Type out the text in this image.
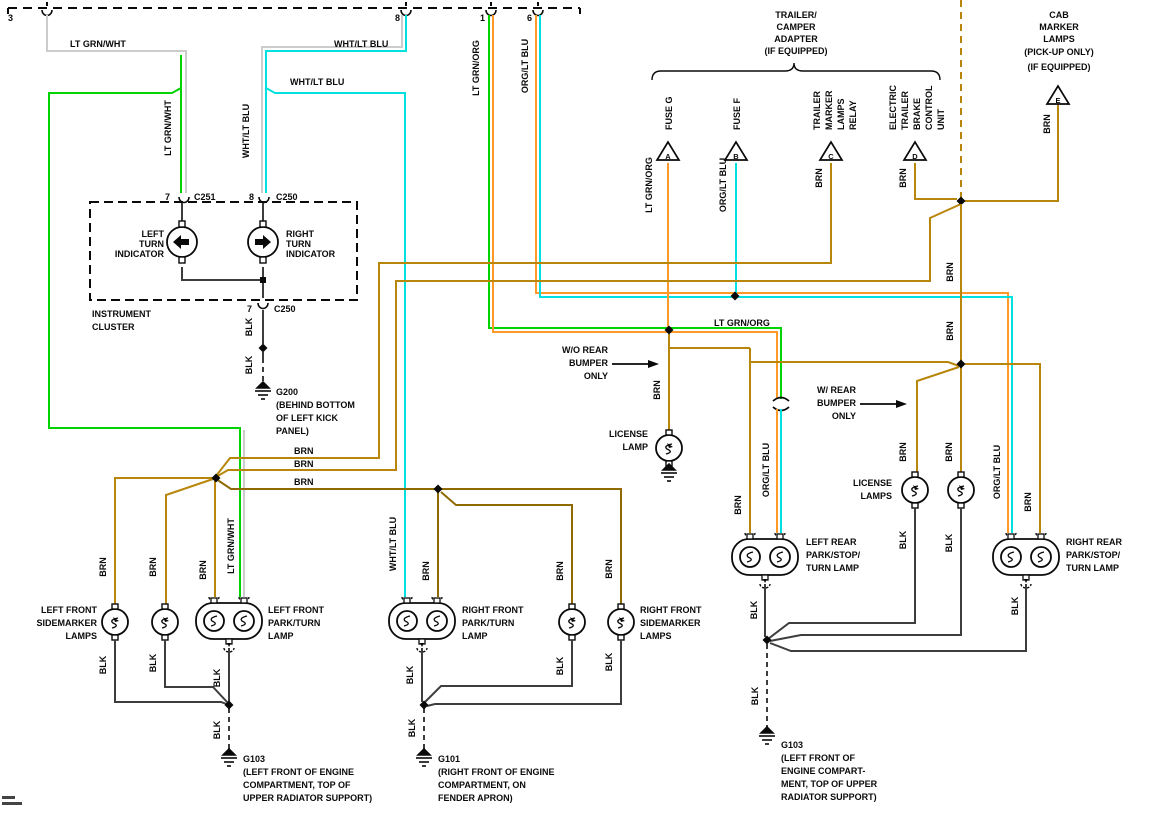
3	8	1	6
LT GRN/WHT
LT GRN/WHT
LT GRN/WHT
WHT/LT BLU
WHT/LT BLU
WHT/LT BLU
WHT/LT BLU
7	C251	8 C250
LEFT
TURN
INDICATOR
RIGHT
TURN
INDICATOR
INSTRUMENT
CLUSTER
7 C250
BLK
BLK
G200
(BEHIND BOTTOM
OF LEFT KICK
PANEL)
LT GRN/ORG
LT GRN/ORG
ORG/LT BLU
ORG/LT BLU
ORG/LT BLU
TRAILER/
CAMPER
ADAPTER
(IF EQUIPPED)
FUSE G	FUSE F	TRAILER MARKER LAMPS RELAY	ELECTRIC TRAILER BRAKE CONTROL UNIT
A	B	C	D
LT GRN/ORG	ORG/LT BLU	BRN	BRN
CAB
MARKER
LAMPS
(PICK-UP ONLY)
(IF EQUIPPED)
E
BRN
BRN
BRN
BRN
BRN
BRN	BRN
BRN
W/O REAR
BUMPER
ONLY
W/ REAR
BUMPER
ONLY
LICENSE
LAMP
LICENSE
LAMPS
LEFT REAR
PARK/STOP/
TURN LAMP
RIGHT REAR
PARK/STOP/
TURN LAMP
BLK
BLK	BLK
BLK
BLK
G103
(LEFT FRONT OF
ENGINE COMPART-
MENT, TOP OF UPPER
RADIATOR SUPPORT)
BRN
BRN
BRN
BRN	BRN	BRN	BRN	BRN	BRN
LEFT FRONT
SIDEMARKER
LAMPS
LEFT FRONT
PARK/TURN
LAMP
RIGHT FRONT
PARK/TURN
LAMP
RIGHT FRONT
SIDEMARKER
LAMPS
BLK	BLK
BLK
BLK
G103
(LEFT FRONT OF ENGINE
COMPARTMENT, TOP OF
UPPER RADIATOR SUPPORT)
BLK	BLK	BLK
BLK
G101
(RIGHT FRONT OF ENGINE
COMPARTMENT, ON
FENDER APRON)
